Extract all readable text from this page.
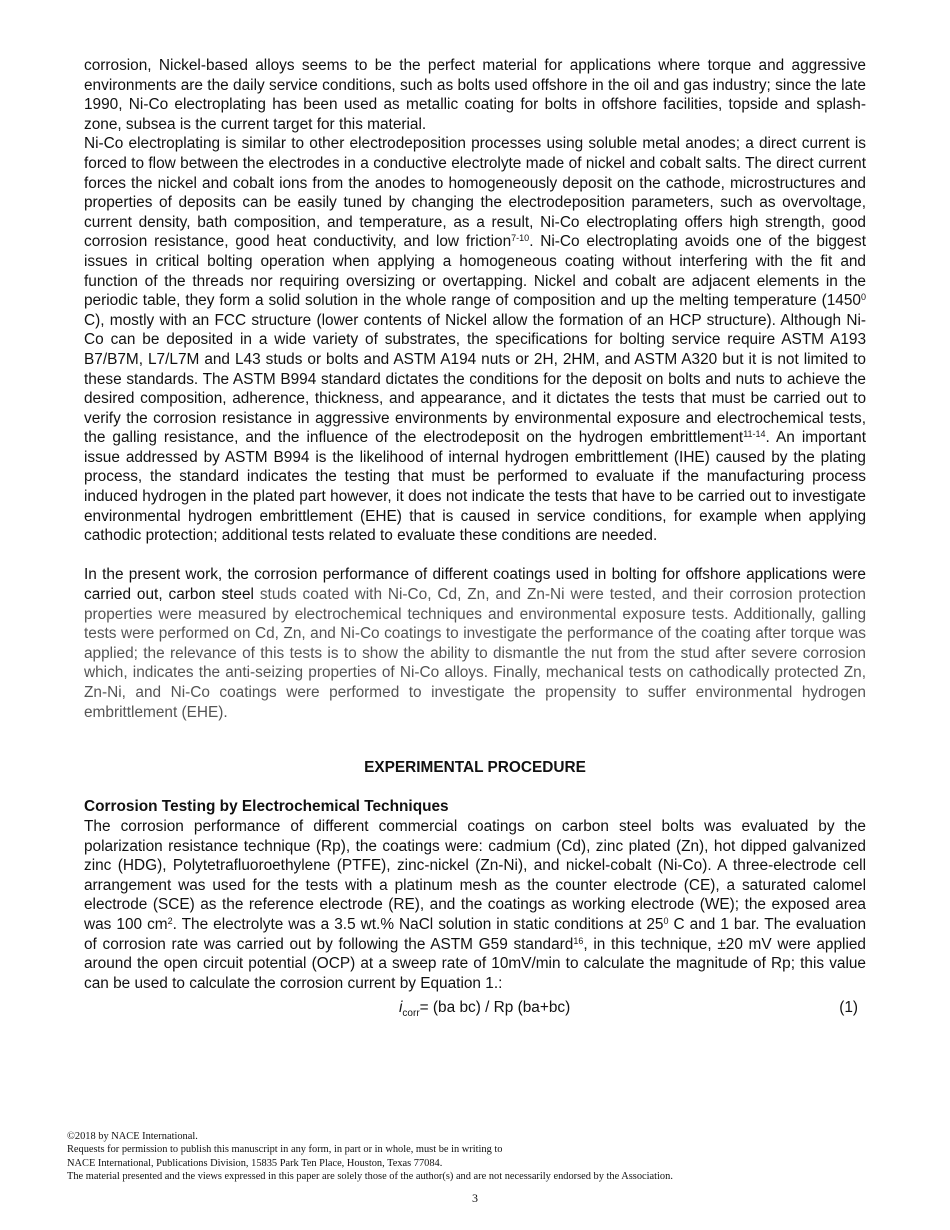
corrosion, Nickel-based alloys seems to be the perfect material for applications where torque and aggressive environments are the daily service conditions, such as bolts used offshore in the oil and gas industry; since the late 1990, Ni-Co electroplating has been used as metallic coating for bolts in offshore facilities, topside and splash-zone, subsea is the current target for this material.

Ni-Co electroplating is similar to other electrodeposition processes using soluble metal anodes; a direct current is forced to flow between the electrodes in a conductive electrolyte made of nickel and cobalt salts. The direct current forces the nickel and cobalt ions from the anodes to homogeneously deposit on the cathode, microstructures and properties of deposits can be easily tuned by changing the electrodeposition parameters, such as overvoltage, current density, bath composition, and temperature, as a result, Ni-Co electroplating offers high strength, good corrosion resistance, good heat conductivity, and low friction$^{7-10}$. Ni-Co electroplating avoids one of the biggest issues in critical bolting operation when applying a homogeneous coating without interfering with the fit and function of the threads nor requiring oversizing or overtapping. Nickel and cobalt are adjacent elements in the periodic table, they form a solid solution in the whole range of composition and up the melting temperature (1450$^0$ C), mostly with an FCC structure (lower contents of Nickel allow the formation of an HCP structure). Although Ni-Co can be deposited in a wide variety of substrates, the specifications for bolting service require ASTM A193 B7/B7M, L7/L7M and L43 studs or bolts and ASTM A194 nuts or 2H, 2HM, and ASTM A320 but it is not limited to these standards. The ASTM B994 standard dictates the conditions for the deposit on bolts and nuts to achieve the desired composition, adherence, thickness, and appearance, and it dictates the tests that must be carried out to verify the corrosion resistance in aggressive environments by environmental exposure and electrochemical tests, the galling resistance, and the influence of the electrodeposit on the hydrogen embrittlement$^{11-14}$. An important issue addressed by ASTM B994 is the likelihood of internal hydrogen embrittlement (IHE) caused by the plating process, the standard indicates the testing that must be performed to evaluate if the manufacturing process induced hydrogen in the plated part however, it does not indicate the tests that have to be carried out to investigate environmental hydrogen embrittlement (EHE) that is caused in service conditions, for example when applying cathodic protection; additional tests related to evaluate these conditions are needed.

In the present work, the corrosion performance of different coatings used in bolting for offshore applications were carried out, carbon steel studs coated with Ni-Co, Cd, Zn, and Zn-Ni were tested, and their corrosion protection properties were measured by electrochemical techniques and environmental exposure tests. Additionally, galling tests were performed on Cd, Zn, and Ni-Co coatings to investigate the performance of the coating after torque was applied; the relevance of this tests is to show the ability to dismantle the nut from the stud after severe corrosion which, indicates the anti-seizing properties of Ni-Co alloys. Finally, mechanical tests on cathodically protected Zn, Zn-Ni, and Ni-Co coatings were performed to investigate the propensity to suffer environmental hydrogen embrittlement (EHE).

EXPERIMENTAL PROCEDURE

Corrosion Testing by Electrochemical Techniques

The corrosion performance of different commercial coatings on carbon steel bolts was evaluated by the polarization resistance technique (Rp), the coatings were: cadmium (Cd), zinc plated (Zn), hot dipped galvanized zinc (HDG), Polytetrafluoroethylene (PTFE), zinc-nickel (Zn-Ni), and nickel-cobalt (Ni-Co). A three-electrode cell arrangement was used for the tests with a platinum mesh as the counter electrode (CE), a saturated calomel electrode (SCE) as the reference electrode (RE), and the coatings as working electrode (WE); the exposed area was 100 $cm^2$. The electrolyte was a 3.5 wt.% NaCl solution in static conditions at $25^0$ C and 1 bar. The evaluation of corrosion rate was carried out by following the ASTM G59 standard$^{16}$, in this technique, ±20 mV were applied around the open circuit potential (OCP) at a sweep rate of 10mV/min to calculate the magnitude of Rp; this value can be used to calculate the corrosion current by Equation 1.:

$i_{corr}= (ba$ bc) / Rp (ba+bc)	(1)
©2018 by NACE International.
Requests for permission to publish this manuscript in any form, in part or in whole, must be in writing to
NACE International, Publications Division, 15835 Park Ten Place, Houston, Texas 77084.
The material presented and the views expressed in this paper are solely those of the author(s) and are not necessarily endorsed by the Association.
3
